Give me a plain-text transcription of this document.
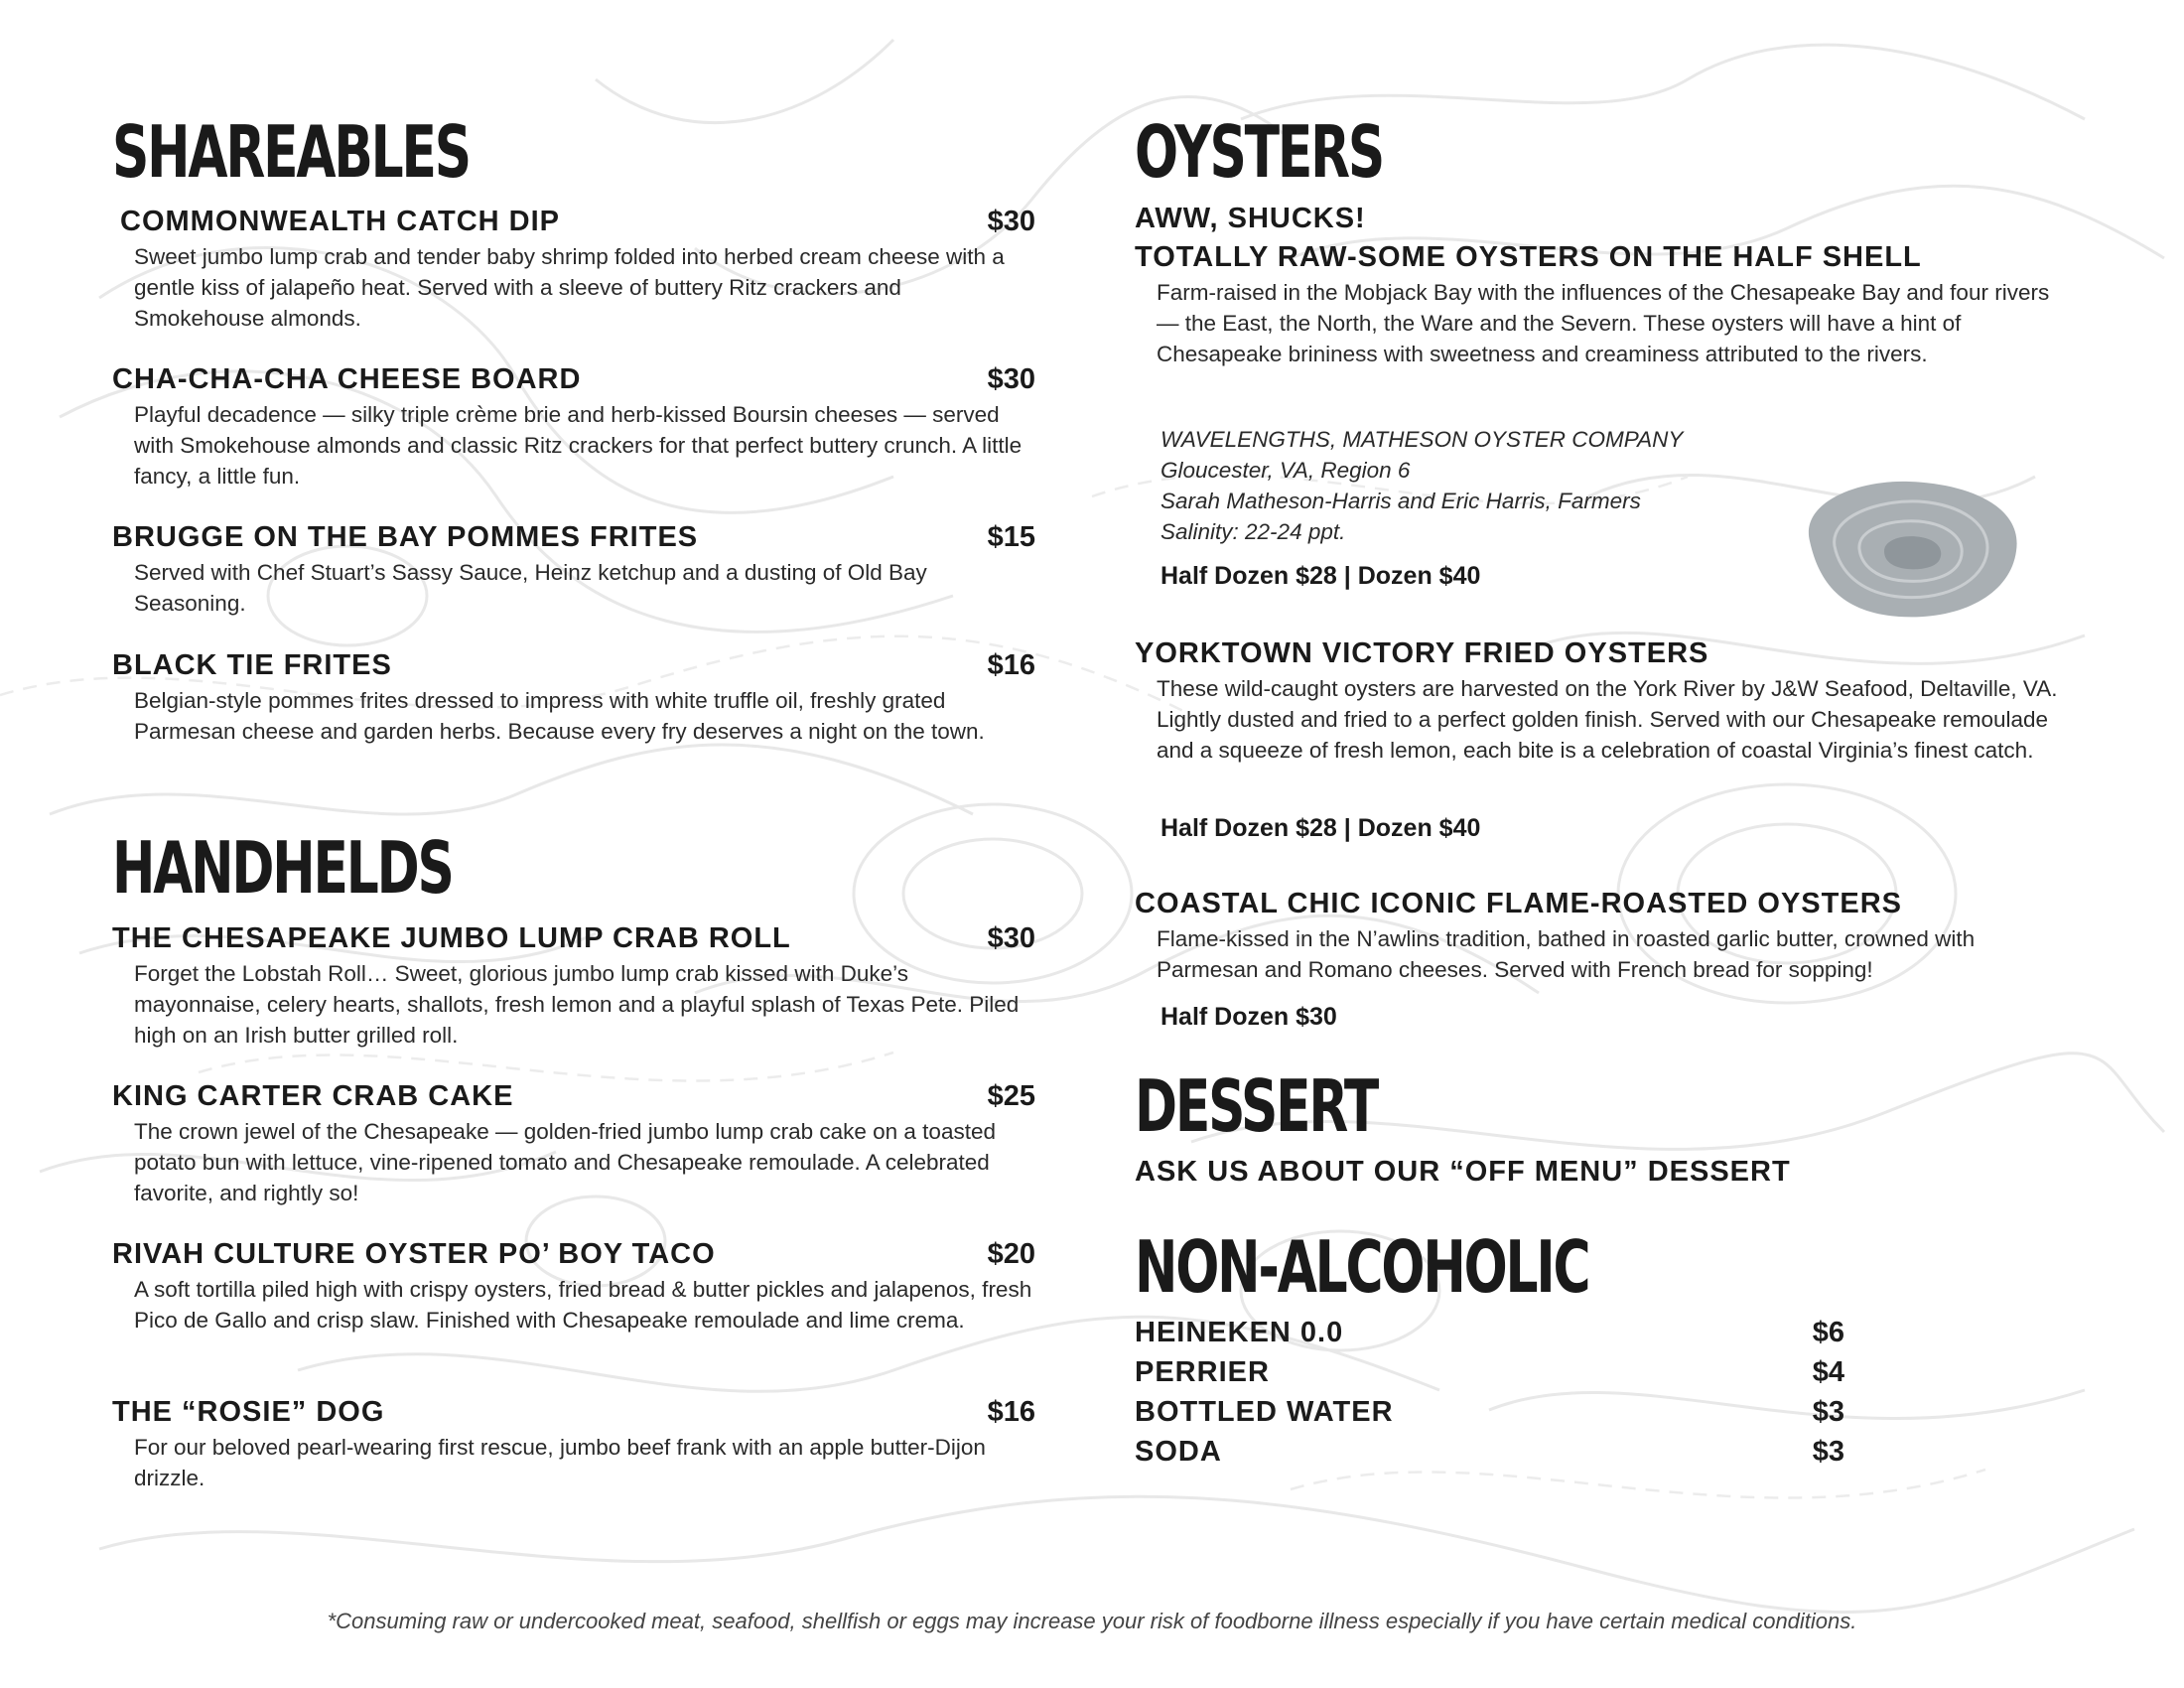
SHAREABLES
COMMONWEALTH CATCH DIP	$30
Sweet jumbo lump crab and tender baby shrimp folded into herbed cream cheese with a gentle kiss of jalapeño heat. Served with a sleeve of buttery Ritz crackers and Smokehouse almonds.
CHA-CHA-CHA CHEESE BOARD	$30
Playful decadence — silky triple crème brie and herb-kissed Boursin cheeses — served with Smokehouse almonds and classic Ritz crackers for that perfect buttery crunch. A little fancy, a little fun.
BRUGGE ON THE BAY POMMES FRITES	$15
Served with Chef Stuart’s Sassy Sauce, Heinz ketchup and a dusting of Old Bay Seasoning.
BLACK TIE FRITES	$16
Belgian-style pommes frites dressed to impress with white truffle oil, freshly grated Parmesan cheese and garden herbs. Because every fry deserves a night on the town.
HANDHELDS
THE CHESAPEAKE JUMBO LUMP CRAB ROLL	$30
Forget the Lobstah Roll… Sweet, glorious jumbo lump crab kissed with Duke’s mayonnaise, celery hearts, shallots, fresh lemon and a playful splash of Texas Pete. Piled high on an Irish butter grilled roll.
KING CARTER CRAB CAKE	$25
The crown jewel of the Chesapeake — golden-fried jumbo lump crab cake on a toasted potato bun with lettuce, vine-ripened tomato and Chesapeake remoulade. A celebrated favorite, and rightly so!
RIVAH CULTURE OYSTER PO’ BOY TACO	$20
A soft tortilla piled high with crispy oysters, fried bread & butter pickles and jalapenos, fresh Pico de Gallo and crisp slaw. Finished with Chesapeake remoulade and lime crema.
THE “ROSIE” DOG	$16
For our beloved pearl-wearing first rescue, jumbo beef frank with an apple butter-Dijon drizzle.
OYSTERS
AWW, SHUCKS!
TOTALLY RAW-SOME OYSTERS ON THE HALF SHELL
Farm-raised in the Mobjack Bay with the influences of the Chesapeake Bay and four rivers — the East, the North, the Ware and the Severn. These oysters will have a hint of Chesapeake brininess with sweetness and creaminess attributed to the rivers.
WAVELENGTHS, MATHESON OYSTER COMPANY
Gloucester, VA, Region 6
Sarah Matheson-Harris and Eric Harris, Farmers
Salinity: 22-24 ppt.
Half Dozen $28 | Dozen $40
YORKTOWN VICTORY FRIED OYSTERS
These wild-caught oysters are harvested on the York River by J&W Seafood, Deltaville, VA. Lightly dusted and fried to a perfect golden finish. Served with our Chesapeake remoulade and a squeeze of fresh lemon, each bite is a celebration of coastal Virginia’s finest catch.
Half Dozen $28 | Dozen $40
COASTAL CHIC ICONIC FLAME-ROASTED OYSTERS
Flame-kissed in the N’awlins tradition, bathed in roasted garlic butter, crowned with Parmesan and Romano cheeses. Served with French bread for sopping!
Half Dozen $30
DESSERT
ASK US ABOUT OUR “OFF MENU” DESSERT
NON-ALCOHOLIC
HEINEKEN 0.0	$6
PERRIER	$4
BOTTLED WATER	$3
SODA	$3
*Consuming raw or undercooked meat, seafood, shellfish or eggs may increase your risk of foodborne illness especially if you have certain medical conditions.
